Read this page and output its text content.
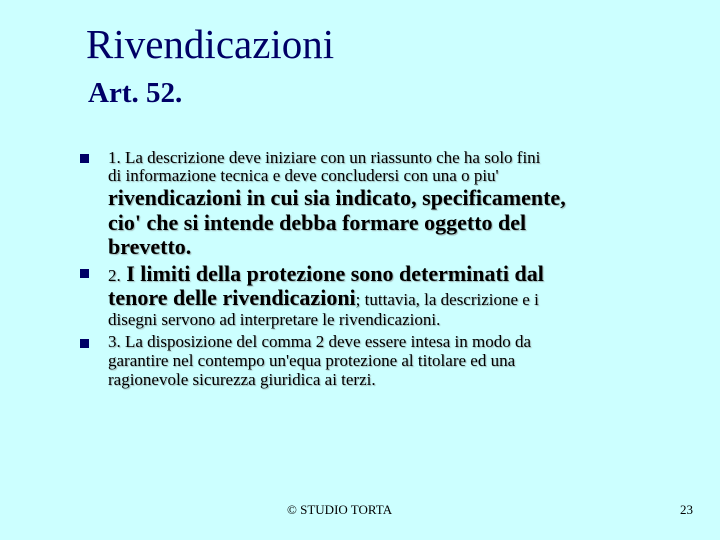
Rivendicazioni
Art. 52.
1. La descrizione deve iniziare con un riassunto che ha solo fini
di informazione tecnica e deve concludersi con una o piu'
rivendicazioni in cui sia indicato, specificamente,
cio' che si intende debba formare oggetto del
brevetto.
2. I limiti della protezione sono determinati dal
tenore delle rivendicazioni; tuttavia, la descrizione e i
disegni servono ad interpretare le rivendicazioni.
3. La disposizione del comma 2 deve essere intesa in modo da
garantire nel contempo un'equa protezione al titolare ed una
ragionevole sicurezza giuridica ai terzi.
© STUDIO TORTA	23
